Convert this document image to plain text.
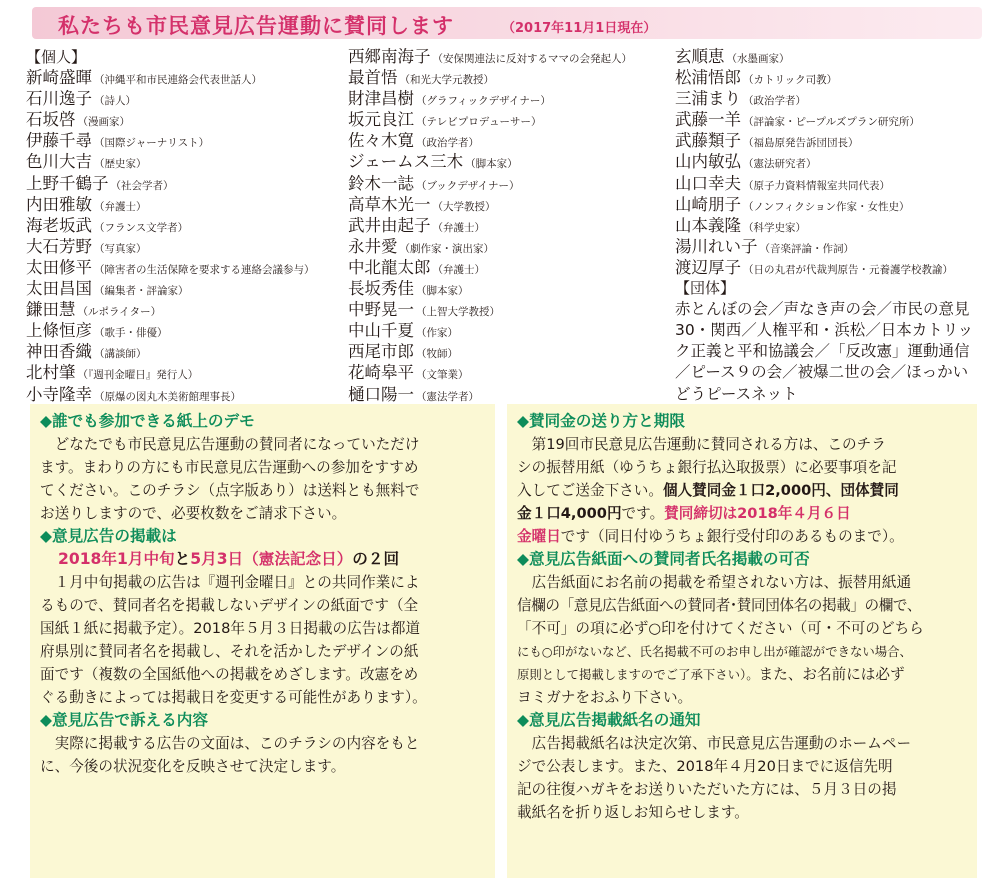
私たちも市民意見広告運動に賛同します	（2017年11月1日現在）
【個人】
新崎盛暉 （沖縄平和市民連絡会代表世話人）
石川逸子 （詩人）
石坂啓 （漫画家）
伊藤千尋 （国際ジャーナリスト）
色川大吉 （歴史家）
上野千鶴子 （社会学者）
内田雅敏 （弁護士）
海老坂武 （フランス文学者）
大石芳野 （写真家）
太田修平 （障害者の生活保障を要求する連絡会議参与）
太田昌国 （編集者・評論家）
鎌田慧 （ルポライター）
上條恒彦 （歌手・俳優）
神田香織 （講談師）
北村肇 （『週刊金曜日』発行人）
小寺隆幸 （原爆の図丸木美術館理事長）
西郷南海子 （安保関連法に反対するママの会発起人）
最首悟 （和光大学元教授）
財津昌樹 （グラフィックデザイナー）
坂元良江 （テレビプロデューサー）
佐々木寛 （政治学者）
ジェームス三木 （脚本家）
鈴木一誌 （ブックデザイナー）
高草木光一 （大学教授）
武井由起子 （弁護士）
永井愛 （劇作家・演出家）
中北龍太郎 （弁護士）
長坂秀佳 （脚本家）
中野晃一 （上智大学教授）
中山千夏 （作家）
西尾市郎 （牧師）
花崎皋平 （文筆業）
樋口陽一 （憲法学者）
玄順恵 （水墨画家）
松浦悟郎 （カトリック司教）
三浦まり （政治学者）
武藤一羊 （評論家・ピープルズプラン研究所）
武藤類子 （福島原発告訴団団長）
山内敏弘 （憲法研究者）
山口幸夫 （原子力資料情報室共同代表）
山崎朋子 （ノンフィクション作家・女性史）
山本義隆 （科学史家）
湯川れい子 （音楽評論・作詞）
渡辺厚子 （日の丸君が代裁判原告・元養護学校教諭）
【団体】
赤とんぼの会／声なき声の会／市民の意見
30・関西／人権平和・浜松／日本カトリッ
ク正義と平和協議会／「反改憲」運動通信
／ピース９の会／被爆二世の会／ほっかい
どうピースネット
◆誰でも参加できる紙上のデモ
どなたでも市民意見広告運動の賛同者になっていただけ
ます。まわりの方にも市民意見広告運動への参加をすすめ
てください。このチラシ（点字版あり）は送料とも無料で
お送りしますので、必要枚数をご請求下さい。
◆意見広告の掲載は
2018年1月中旬と5月3日（憲法記念日）の２回
１月中旬掲載の広告は『週刊金曜日』との共同作業によ
るもので、賛同者名を掲載しないデザインの紙面です（全
国紙１紙に掲載予定）。2018年５月３日掲載の広告は都道
府県別に賛同者名を掲載し、それを活かしたデザインの紙
面です（複数の全国紙他への掲載をめざします。改憲をめ
ぐる動きによっては掲載日を変更する可能性があります）。
◆意見広告で訴える内容
実際に掲載する広告の文面は、このチラシの内容をもと
に、今後の状況変化を反映させて決定します。
◆賛同金の送り方と期限
第19回市民意見広告運動に賛同される方は、このチラ
シの振替用紙（ゆうちょ銀行払込取扱票）に必要事項を記
入してご送金下さい。個人賛同金１口2,000円、団体賛同
金１口4,000円です。賛同締切は2018年４月６日
金曜日です（同日付ゆうちょ銀行受付印のあるものまで）。
◆意見広告紙面への賛同者氏名掲載の可否
広告紙面にお名前の掲載を希望されない方は、振替用紙通
信欄の「意見広告紙面への賛同者･賛同団体名の掲載」の欄で、
「不可」の項に必ず○印を付けてください（可・不可のどちら
にも○印がないなど、氏名掲載不可のお申し出が確認ができない場合、
原則として掲載しますのでご了承下さい）。また、お名前には必ず
ヨミガナをおふり下さい。
◆意見広告掲載紙名の通知
広告掲載紙名は決定次第、市民意見広告運動のホームペー
ジで公表します。また、2018年４月20日までに返信先明
記の往復ハガキをお送りいただいた方には、５月３日の掲
載紙名を折り返しお知らせします。
